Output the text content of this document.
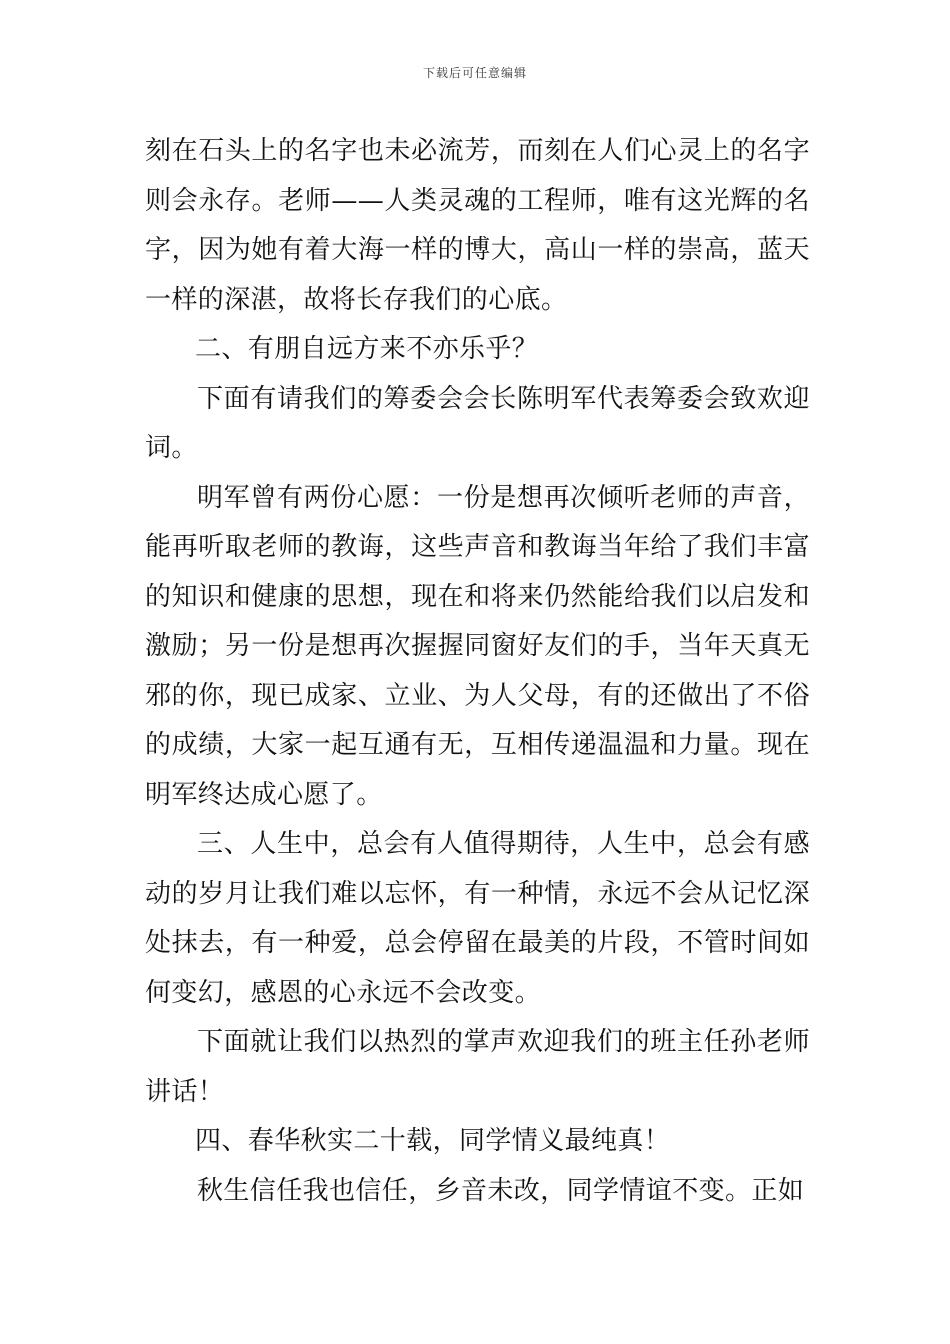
下载后可任意编辑

刻在石头上的名字也未必流芳，而刻在人们心灵上的名字则会永存。老师——人类灵魂的工程师，唯有这光辉的名字，因为她有着大海一样的博大，高山一样的崇高，蓝天一样的深湛，故将长存我们的心底。

二、有朋自远方来不亦乐乎？

下面有请我们的筹委会会长陈明军代表筹委会致欢迎词。

明军曾有两份心愿：一份是想再次倾听老师的声音，能再听取老师的教诲，这些声音和教诲当年给了我们丰富的知识和健康的思想，现在和将来仍然能给我们以启发和激励；另一份是想再次握握同窗好友们的手，当年天真无邪的你，现已成家、立业、为人父母，有的还做出了不俗的成绩，大家一起互通有无，互相传递温温和力量。现在明军终达成心愿了。

三、人生中，总会有人值得期待，人生中，总会有感动的岁月让我们难以忘怀，有一种情，永远不会从记忆深处抹去，有一种爱，总会停留在最美的片段，不管时间如何变幻，感恩的心永远不会改变。

下面就让我们以热烈的掌声欢迎我们的班主任孙老师讲话！

四、春华秋实二十载，同学情义最纯真！

秋生信任我也信任，乡音未改，同学情谊不变。正如
